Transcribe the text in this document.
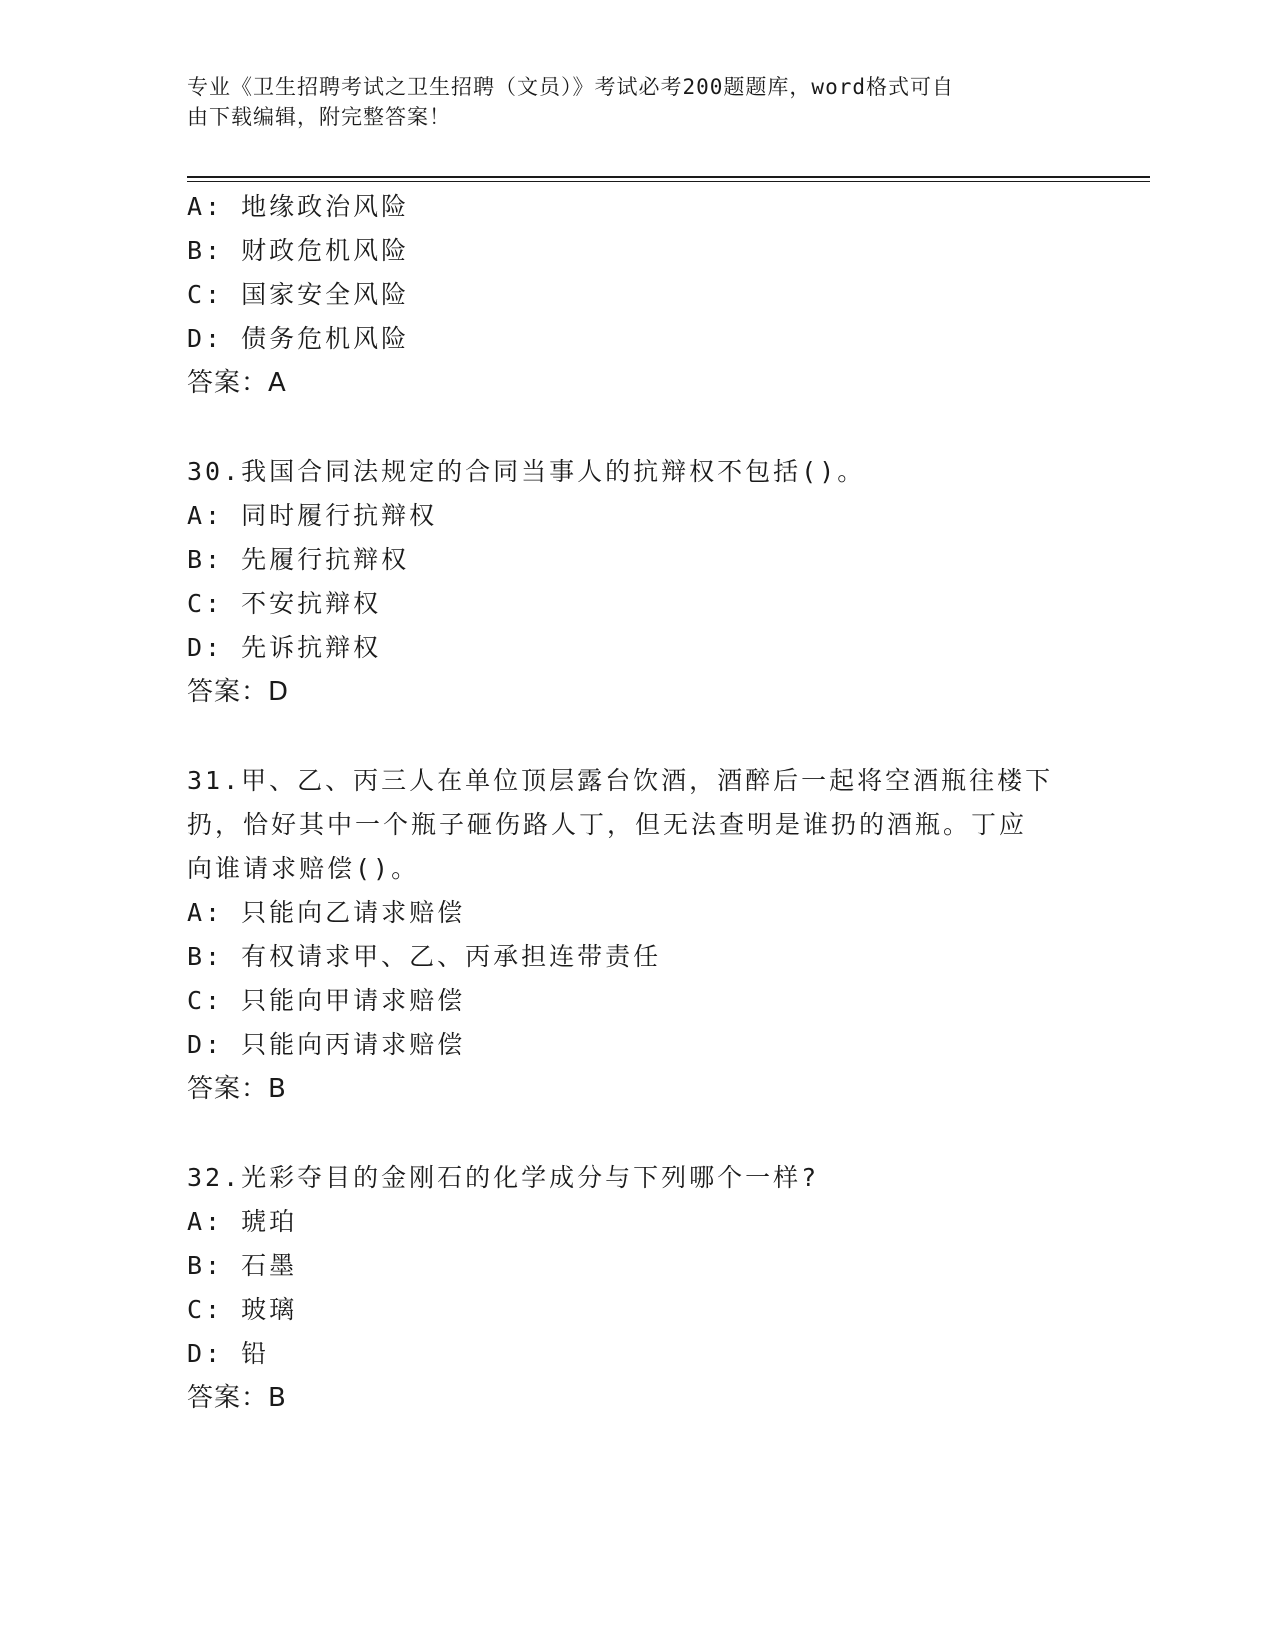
专业《卫生招聘考试之卫生招聘（文员）》考试必考200题题库，word格式可自
由下载编辑，附完整答案！
A: 地缘政治风险
B: 财政危机风险
C: 国家安全风险
D: 债务危机风险
答案：A
30.我国合同法规定的合同当事人的抗辩权不包括()。
A: 同时履行抗辩权
B: 先履行抗辩权
C: 不安抗辩权
D: 先诉抗辩权
答案：D
31.甲、乙、丙三人在单位顶层露台饮酒，酒醉后一起将空酒瓶往楼下
扔，恰好其中一个瓶子砸伤路人丁，但无法查明是谁扔的酒瓶。丁应
向谁请求赔偿()。
A: 只能向乙请求赔偿
B: 有权请求甲、乙、丙承担连带责任
C: 只能向甲请求赔偿
D: 只能向丙请求赔偿
答案：B
32.光彩夺目的金刚石的化学成分与下列哪个一样?
A: 琥珀
B: 石墨
C: 玻璃
D: 铅
答案：B
